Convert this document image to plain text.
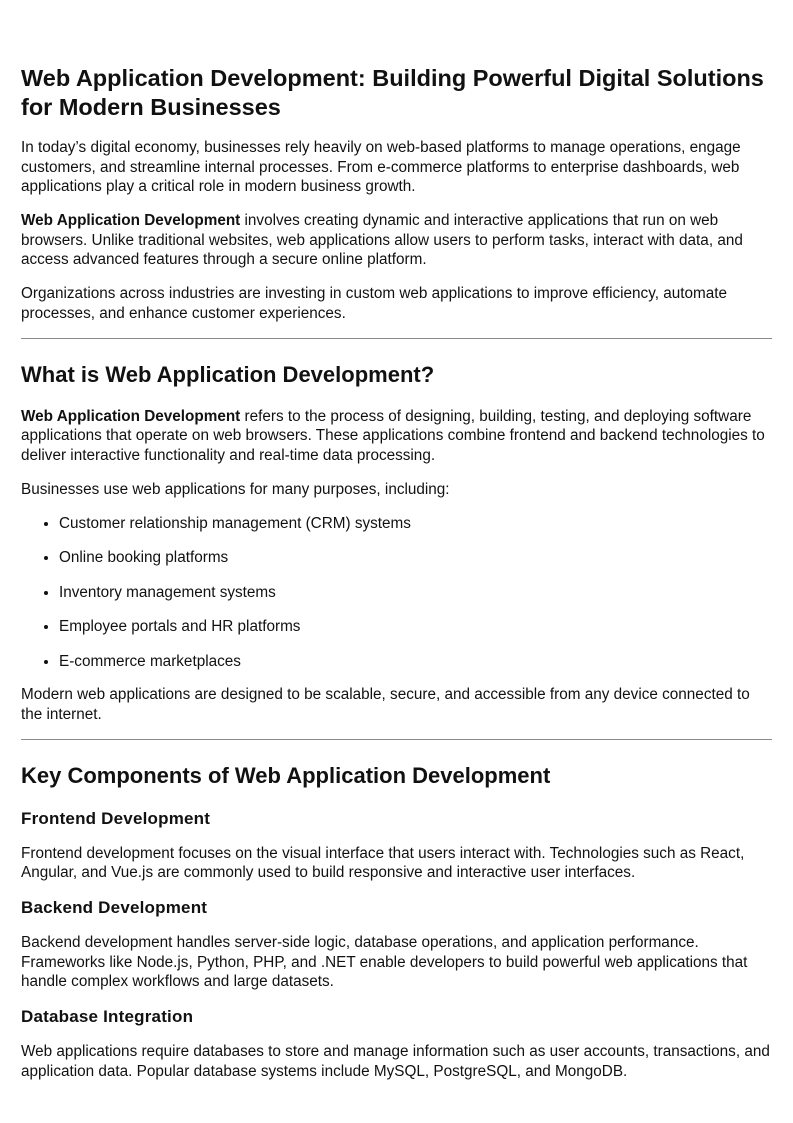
Web Application Development: Building Powerful Digital Solutions for Modern Businesses

In today’s digital economy, businesses rely heavily on web-based platforms to manage operations, engage customers, and streamline internal processes. From e-commerce platforms to enterprise dashboards, web applications play a critical role in modern business growth.

Web Application Development involves creating dynamic and interactive applications that run on web browsers. Unlike traditional websites, web applications allow users to perform tasks, interact with data, and access advanced features through a secure online platform.

Organizations across industries are investing in custom web applications to improve efficiency, automate processes, and enhance customer experiences.

What is Web Application Development?

Web Application Development refers to the process of designing, building, testing, and deploying software applications that operate on web browsers. These applications combine frontend and backend technologies to deliver interactive functionality and real-time data processing.

Businesses use web applications for many purposes, including:

• Customer relationship management (CRM) systems
• Online booking platforms
• Inventory management systems
• Employee portals and HR platforms
• E-commerce marketplaces

Modern web applications are designed to be scalable, secure, and accessible from any device connected to the internet.

Key Components of Web Application Development
Frontend Development

Frontend development focuses on the visual interface that users interact with. Technologies such as React, Angular, and Vue.js are commonly used to build responsive and interactive user interfaces.

Backend Development

Backend development handles server-side logic, database operations, and application performance. Frameworks like Node.js, Python, PHP, and .NET enable developers to build powerful web applications that handle complex workflows and large datasets.

Database Integration

Web applications require databases to store and manage information such as user accounts, transactions, and application data. Popular database systems include MySQL, PostgreSQL, and MongoDB.
